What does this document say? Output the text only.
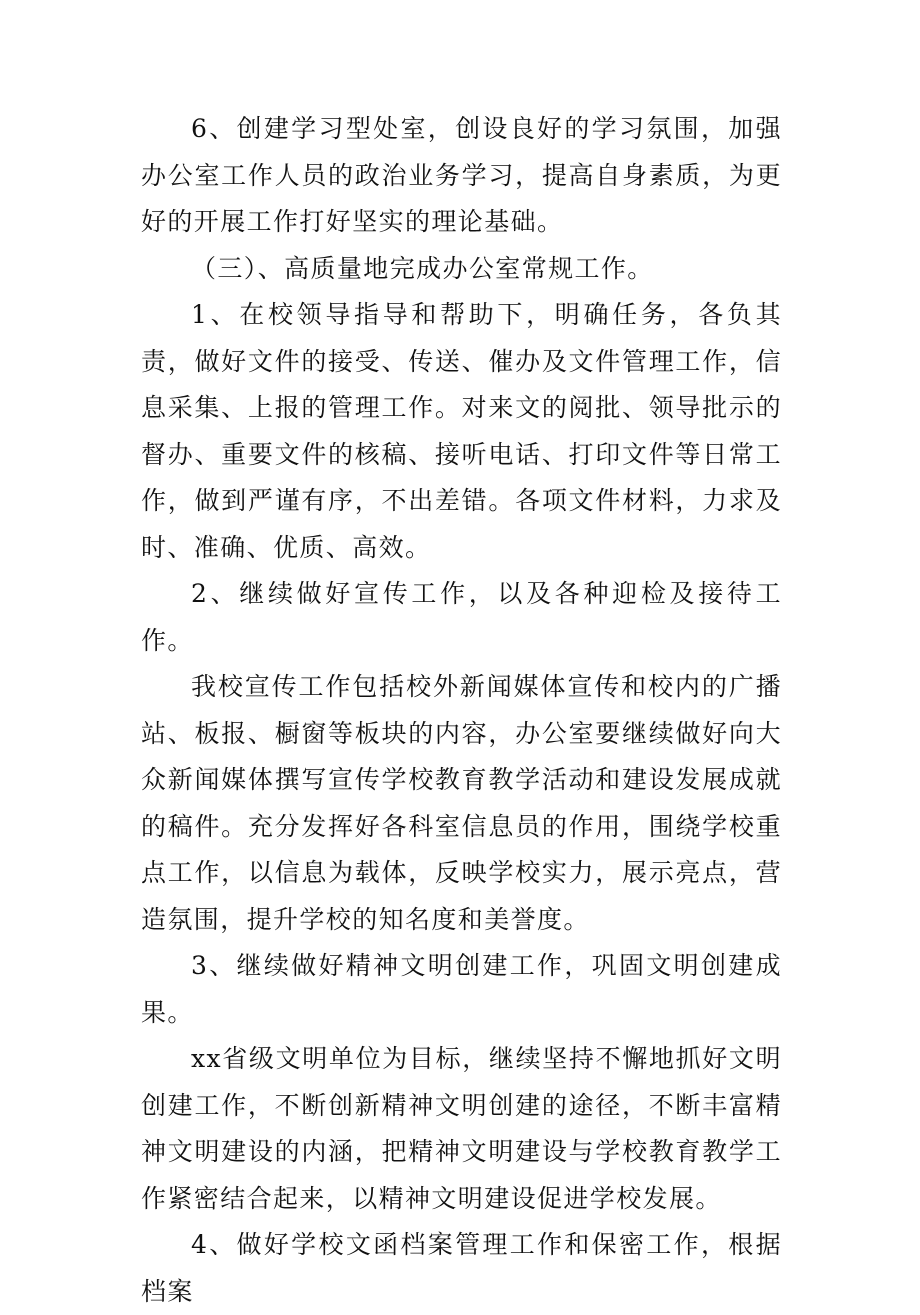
6、创建学习型处室，创设良好的学习氛围，加强办公室工作人员的政治业务学习，提高自身素质，为更好的开展工作打好坚实的理论基础。

（三）、高质量地完成办公室常规工作。

1、在校领导指导和帮助下，明确任务，各负其责，做好文件的接受、传送、催办及文件管理工作，信息采集、上报的管理工作。对来文的阅批、领导批示的督办、重要文件的核稿、接听电话、打印文件等日常工作，做到严谨有序，不出差错。各项文件材料，力求及时、准确、优质、高效。

2、继续做好宣传工作，以及各种迎检及接待工作。

我校宣传工作包括校外新闻媒体宣传和校内的广播站、板报、橱窗等板块的内容，办公室要继续做好向大众新闻媒体撰写宣传学校教育教学活动和建设发展成就的稿件。充分发挥好各科室信息员的作用，围绕学校重点工作，以信息为载体，反映学校实力，展示亮点，营造氛围，提升学校的知名度和美誉度。

3、继续做好精神文明创建工作，巩固文明创建成果。

xx省级文明单位为目标，继续坚持不懈地抓好文明创建工作，不断创新精神文明创建的途径，不断丰富精神文明建设的内涵，把精神文明建设与学校教育教学工作紧密结合起来，以精神文明建设促进学校发展。

4、做好学校文函档案管理工作和保密工作，根据档案
